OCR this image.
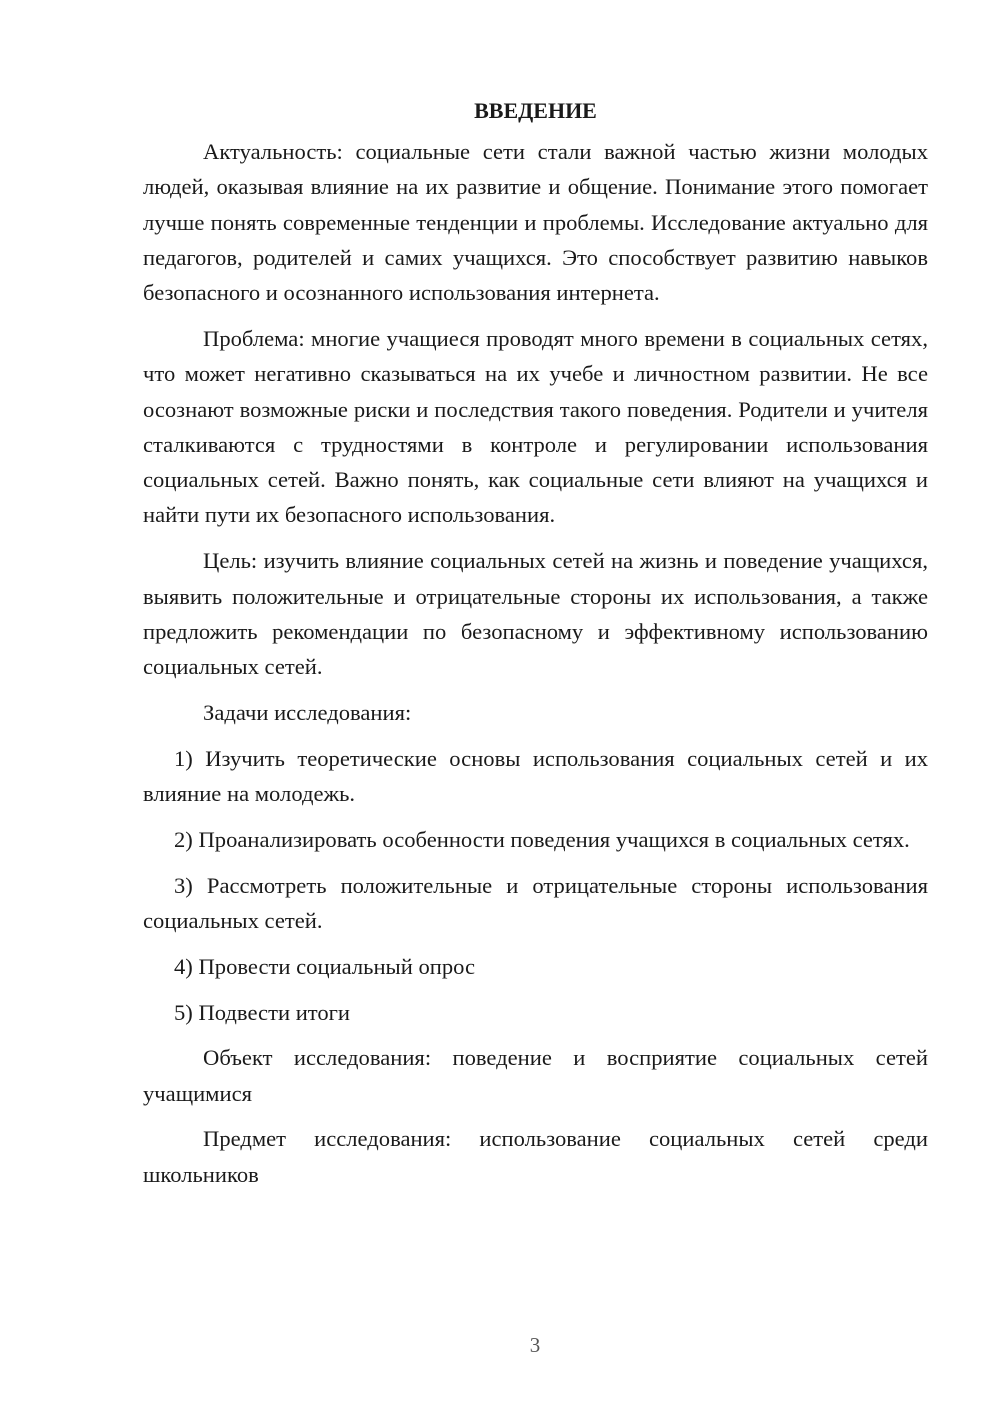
ВВЕДЕНИЕ

Актуальность: социальные сети стали важной частью жизни молодых людей, оказывая влияние на их развитие и общение. Понимание этого помогает лучше понять современные тенденции и проблемы. Исследование актуально для педагогов, родителей и самих учащихся. Это способствует развитию навыков безопасного и осознанного использования интернета.

Проблема: многие учащиеся проводят много времени в социальных сетях, что может негативно сказываться на их учебе и личностном развитии. Не все осознают возможные риски и последствия такого поведения. Родители и учителя сталкиваются с трудностями в контроле и регулировании использования социальных сетей. Важно понять, как социальные сети влияют на учащихся и найти пути их безопасного использования.

Цель: изучить влияние социальных сетей на жизнь и поведение учащихся, выявить положительные и отрицательные стороны их использования, а также предложить рекомендации по безопасному и эффективному использованию социальных сетей.

Задачи исследования:

1) Изучить теоретические основы использования социальных сетей и их влияние на молодежь.

2) Проанализировать особенности поведения учащихся в социальных сетях.

3) Рассмотреть положительные и отрицательные стороны использования социальных сетей.

4) Провести социальный опрос

5) Подвести итоги

Объект исследования: поведение и восприятие социальных сетей учащимися

Предмет исследования: использование социальных сетей среди школьников

3
